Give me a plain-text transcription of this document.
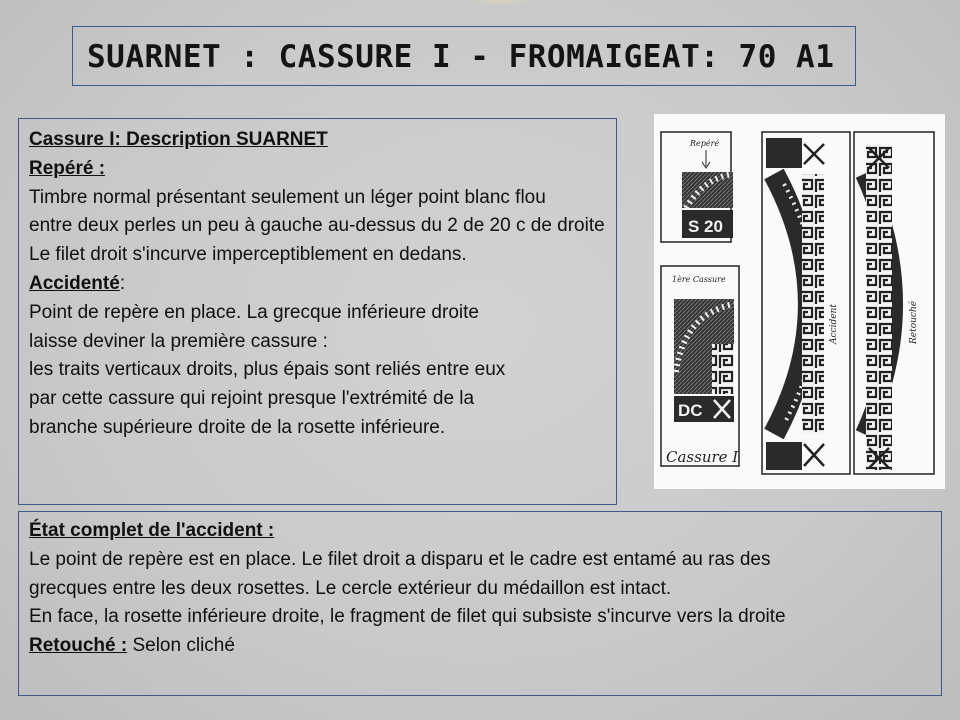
SUARNET : CASSURE I - FROMAIGEAT: 70 A1
Cassure I: Description SUARNET
Repéré :
Timbre normal présentant seulement un léger point blanc flou
entre deux perles un peu à gauche au-dessus du 2 de 20 c de droite
Le filet droit s'incurve imperceptiblement en dedans.
Accidenté:
Point de repère en place. La grecque inférieure droite
laisse deviner la première cassure :
les traits verticaux droits, plus épais sont reliés entre eux
par cette cassure qui rejoint presque l'extrémité de la
branche supérieure droite de la rosette inférieure.
État complet de l'accident :
Le point de repère est en place. Le filet droit a disparu et le cadre est entamé au ras des
grecques entre les deux rosettes. Le cercle extérieur du médaillon est intact.
En face, la rosette inférieure droite, le fragment de filet qui subsiste s'incurve vers la droite
Retouché : Selon cliché
Repéré
S 20
1ère Cassure
DC
Cassure I
Accident	Retouché
